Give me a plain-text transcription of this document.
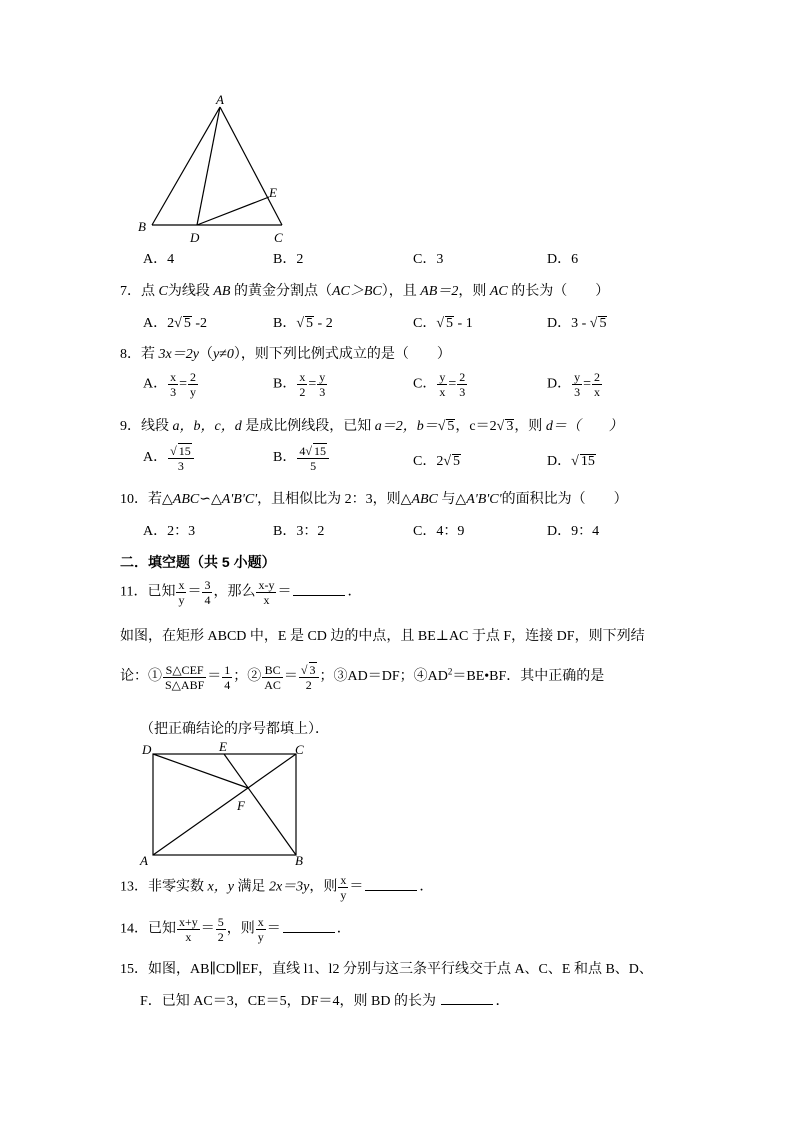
A
B
C
D
E
A．4	B．2	C．3	D．6
7．点 C为线段 AB 的黄金分割点（AC＞BC），且 AB＝2，则 AC 的长为（　　）
A．2√ 5 -2	B．√ 5 - 2	C．√ 5 - 1	D．3 - √ 5
8．若 3x＝2y（y≠0），则下列比例式成立的是（　　）
A． $\frac{x}{3} = \frac{2}{y}$	B． $\frac{x}{2} = \frac{y}{3}$	C． $\frac{y}{x} = \frac{2}{3}$	D． $\frac{y}{3} = \frac{2}{x}$
9．线段 a，b，c，d 是成比例线段，已知 a＝2，b＝√ 5，c＝2√ 3，则 d＝（　　）
A． $\frac{√ 15}{3}$	B． $\frac{4√ 15}{5}$	C．2√ 5	D．√ 15
10．若△ABC∽△A'B'C'，且相似比为 2：3，则△ABC 与△A'B'C'的面积比为（　　）
A．2：3	B．3：2	C．4：9	D．9：4
二．填空题（共 5 小题）
11．已知 $\frac{x}{y} = \frac{3}{4}$ ，那么 $\frac{x-y}{x}$ ＝	．
如图，在矩形 ABCD 中，E 是 CD 边的中点，且 BE⊥AC 于点 F，连接 DF，则下列结
论：① $\frac{\text{S△CEF}}{\text{S△ABF}} = \frac{1}{4}$ ；② $\frac{BC}{AC} = \frac{√ 3}{2}$ ；③AD＝DF；$④AD^2=BE•BF$．其中正确的是
（把正确结论的序号都填上）．
D	E	C
F
A	B
13．非零实数 x，y 满足 2x＝3y，则 $\frac{x}{y}$ ＝	．
14．已知 $\frac{x+y}{x} = \frac{5}{2}$ ，则 $\frac{x}{y}$ ＝	．
15．如图，AB∥CD∥EF，直线 l1、l2 分别与这三条平行线交于点 A、C、E 和点 B、D、
F．已知 AC＝3，CE＝5，DF＝4，则 BD 的长为	．
